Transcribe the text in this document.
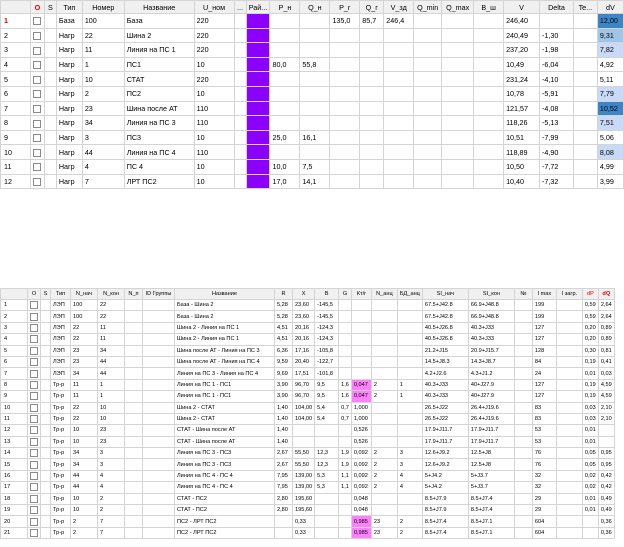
	O	S	Тип	Номер	Название	U_ном	...	Рай...	P_н	Q_н	P_г	Q_г	V_зд	Q_min	Q_max	B_ш	V	Delta	Te...	dV
1			База	100	База	220					135,0	85,7	246,4				246,40			12,00
2			Нагр	22	Шина 2	220											240,49	-1,30		9,31
3			Нагр	11	Линия на ПС 1	220											237,20	-1,98		7,82
4			Нагр	1	ПС1	10			80,0	55,8							10,49	-6,04		4,92
5			Нагр	10	СТАТ	220											231,24	-4,10		5,11
6			Нагр	2	ПС2	10											10,78	-5,91		7,79
7			Нагр	23	Шина после АТ	110											121,57	-4,08		10,52
8			Нагр	34	Линия на ПС 3	110											118,26	-5,13		7,51
9			Нагр	3	ПС3	10			25,0	16,1							10,51	-7,99		5,06
10			Нагр	44	Линия на ПС 4	110											118,89	-4,90		8,08
11			Нагр	4	ПС 4	10			10,0	7,5							10,50	-7,72		4,99
12			Нагр	7	ЛРТ ПС2	10			17,0	14,1							10,40	-7,32		3,99
	O	S	Тип	N_нач	N_кон	N_п	ID Группы	Название	R	X	B	G	Кт/r	N_анц	БД_анц	SI_нач	SI_кон	№	I max	I загр.	dP	dQ
1			ЛЭП	100	22			База - Шина 2	5,28	23,60	-145,5					67.5+J42.8	66.9+J48.8		199		0,59	2,64
2			ЛЭП	100	22			База - Шина 2	5,28	23,60	-145,5					67.5+J42.8	66.9+J48.8		199		0,59	2,64
3			ЛЭП	22	11			Шина 2 - Линия на ПС 1	4,51	20,16	-124,3					40.5+J26.8	40.3+J33		127		0,20	0,89
4			ЛЭП	22	11			Шина 2 - Линия на ПС 1	4,51	20,16	-124,3					40.5+J26.8	40.3+J33		127		0,20	0,89
5			ЛЭП	23	34			Шина после АТ - Линия на ПС 3	6,36	17,16	-105,8					21.2+J15	20.9+J15.7		128		0,30	0,81
6			ЛЭП	23	44			Шина после АТ - Линия на ПС 4	9,59	20,40	-122,7					14.5+J8.3	14.3+J8.7		84		0,19	0,41
7			ЛЭП	34	44			Линия на ПС 3 - Линия на ПС 4	9,69	17,51	-101,8					4.2+J2.6	4.3+J1.2		24		0,01	0,03
8			Тр-р	11	1			Линия на ПС 1 - ПС1	3,90	96,70	9,5	1,6	0,047	2	1	40.3+J33	40+J27.9		127		0,19	4,59
9			Тр-р	11	1			Линия на ПС 1 - ПС1	3,90	96,70	9,5	1,6	0,047	2	1	40.3+J33	40+J27.9		127		0,19	4,59
10			Тр-р	22	10			Шина 2 - СТАТ	1,40	104,00	5,4	0,7	1,000			26.5+J22	26.4+J19.6		83		0,03	2,10
11			Тр-р	22	10			Шина 2 - СТАТ	1,40	104,00	5,4	0,7	1,000			26.5+J22	26.4+J19.6		83		0,03	2,10
12			Тр-р	10	23			СТАТ - Шина после АТ	1,40				0,526			17.9+J11.7	17.9+J11.7		53		0,01	
13			Тр-р	10	23			СТАТ - Шина после АТ	1,40				0,526			17.9+J11.7	17.9+J11.7		53		0,01	
14			Тр-р	34	3			Линия на ПС 3 - ПС3	2,67	55,50	12,3	1,9	0,092	2	3	12.6+J9.2	12.5+J8		76		0,05	0,95
15			Тр-р	34	3			Линия на ПС 3 - ПС3	2,67	55,50	12,3	1,9	0,092	2	3	12.6+J9.2	12.5+J8		76		0,05	0,95
16			Тр-р	44	4			Линия на ПС 4 - ПС 4	7,95	139,00	5,3	1,1	0,092	2	4	5+J4.2	5+J3.7		32		0,02	0,42
17			Тр-р	44	4			Линия на ПС 4 - ПС 4	7,95	139,00	5,3	1,1	0,092	2	4	5+J4.2	5+J3.7		32		0,02	0,42
18			Тр-р	10	2			СТАТ - ПС2	2,80	195,60			0,048			8.5+J7.9	8.5+J7.4		29		0,01	0,49
19			Тр-р	10	2			СТАТ - ПС2	2,80	195,60			0,048			8.5+J7.9	8.5+J7.4		29		0,01	0,49
20			Тр-р	2	7			ПС2 - ЛРТ ПС2		0,33			0,985	23	2	8.5+J7.4	8.5+J7.1		604			0,36
21			Тр-р	2	7			ПС2 - ЛРТ ПС2		0,33			0,985	23	2	8.5+J7.4	8.5+J7.1		604			0,36
